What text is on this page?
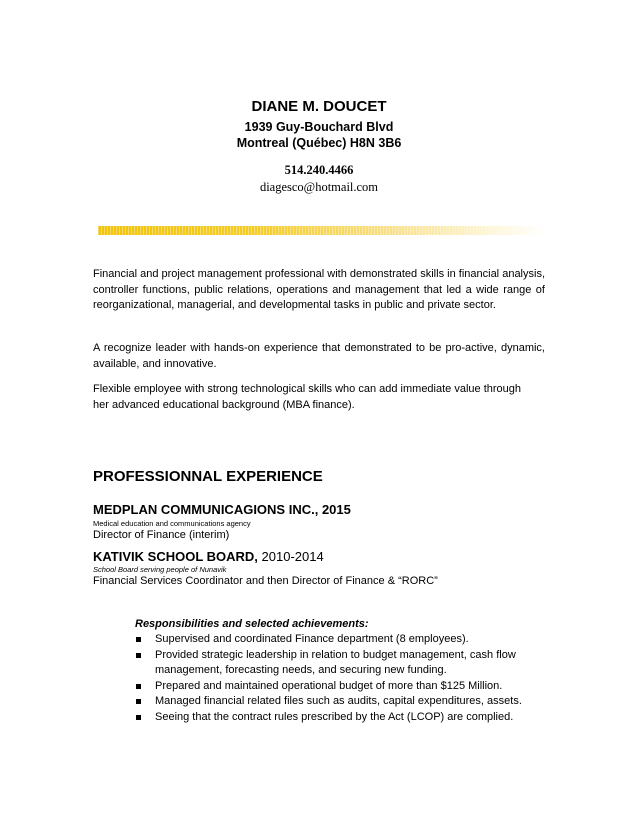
DIANE M. DOUCET
1939 Guy-Bouchard Blvd
Montreal (Québec) H8N 3B6
514.240.4466
diagesco@hotmail.com

Financial and project management professional with demonstrated skills in financial analysis, controller functions, public relations, operations and management that led a wide range of reorganizational, managerial, and developmental tasks in public and private sector.

A recognize leader with hands-on experience that demonstrated to be pro-active, dynamic, available, and innovative.

Flexible employee with strong technological skills who can add immediate value through
her advanced educational background (MBA finance).

PROFESSIONNAL EXPERIENCE
MEDPLAN COMMUNICAGIONS INC., 2015
Medical education and communications agency
Director of Finance (interim)
KATIVIK SCHOOL BOARD, 2010-2014
School Board serving people of Nunavik
Financial Services Coordinator and then Director of Finance & “RORC”
Responsibilities and selected achievements:
Supervised and coordinated Finance department (8 employees).
Provided strategic leadership in relation to budget management, cash flow management, forecasting needs, and securing new funding.
Prepared and maintained operational budget of more than $125 Million.
Managed financial related files such as audits, capital expenditures, assets.
Seeing that the contract rules prescribed by the Act (LCOP) are complied.
